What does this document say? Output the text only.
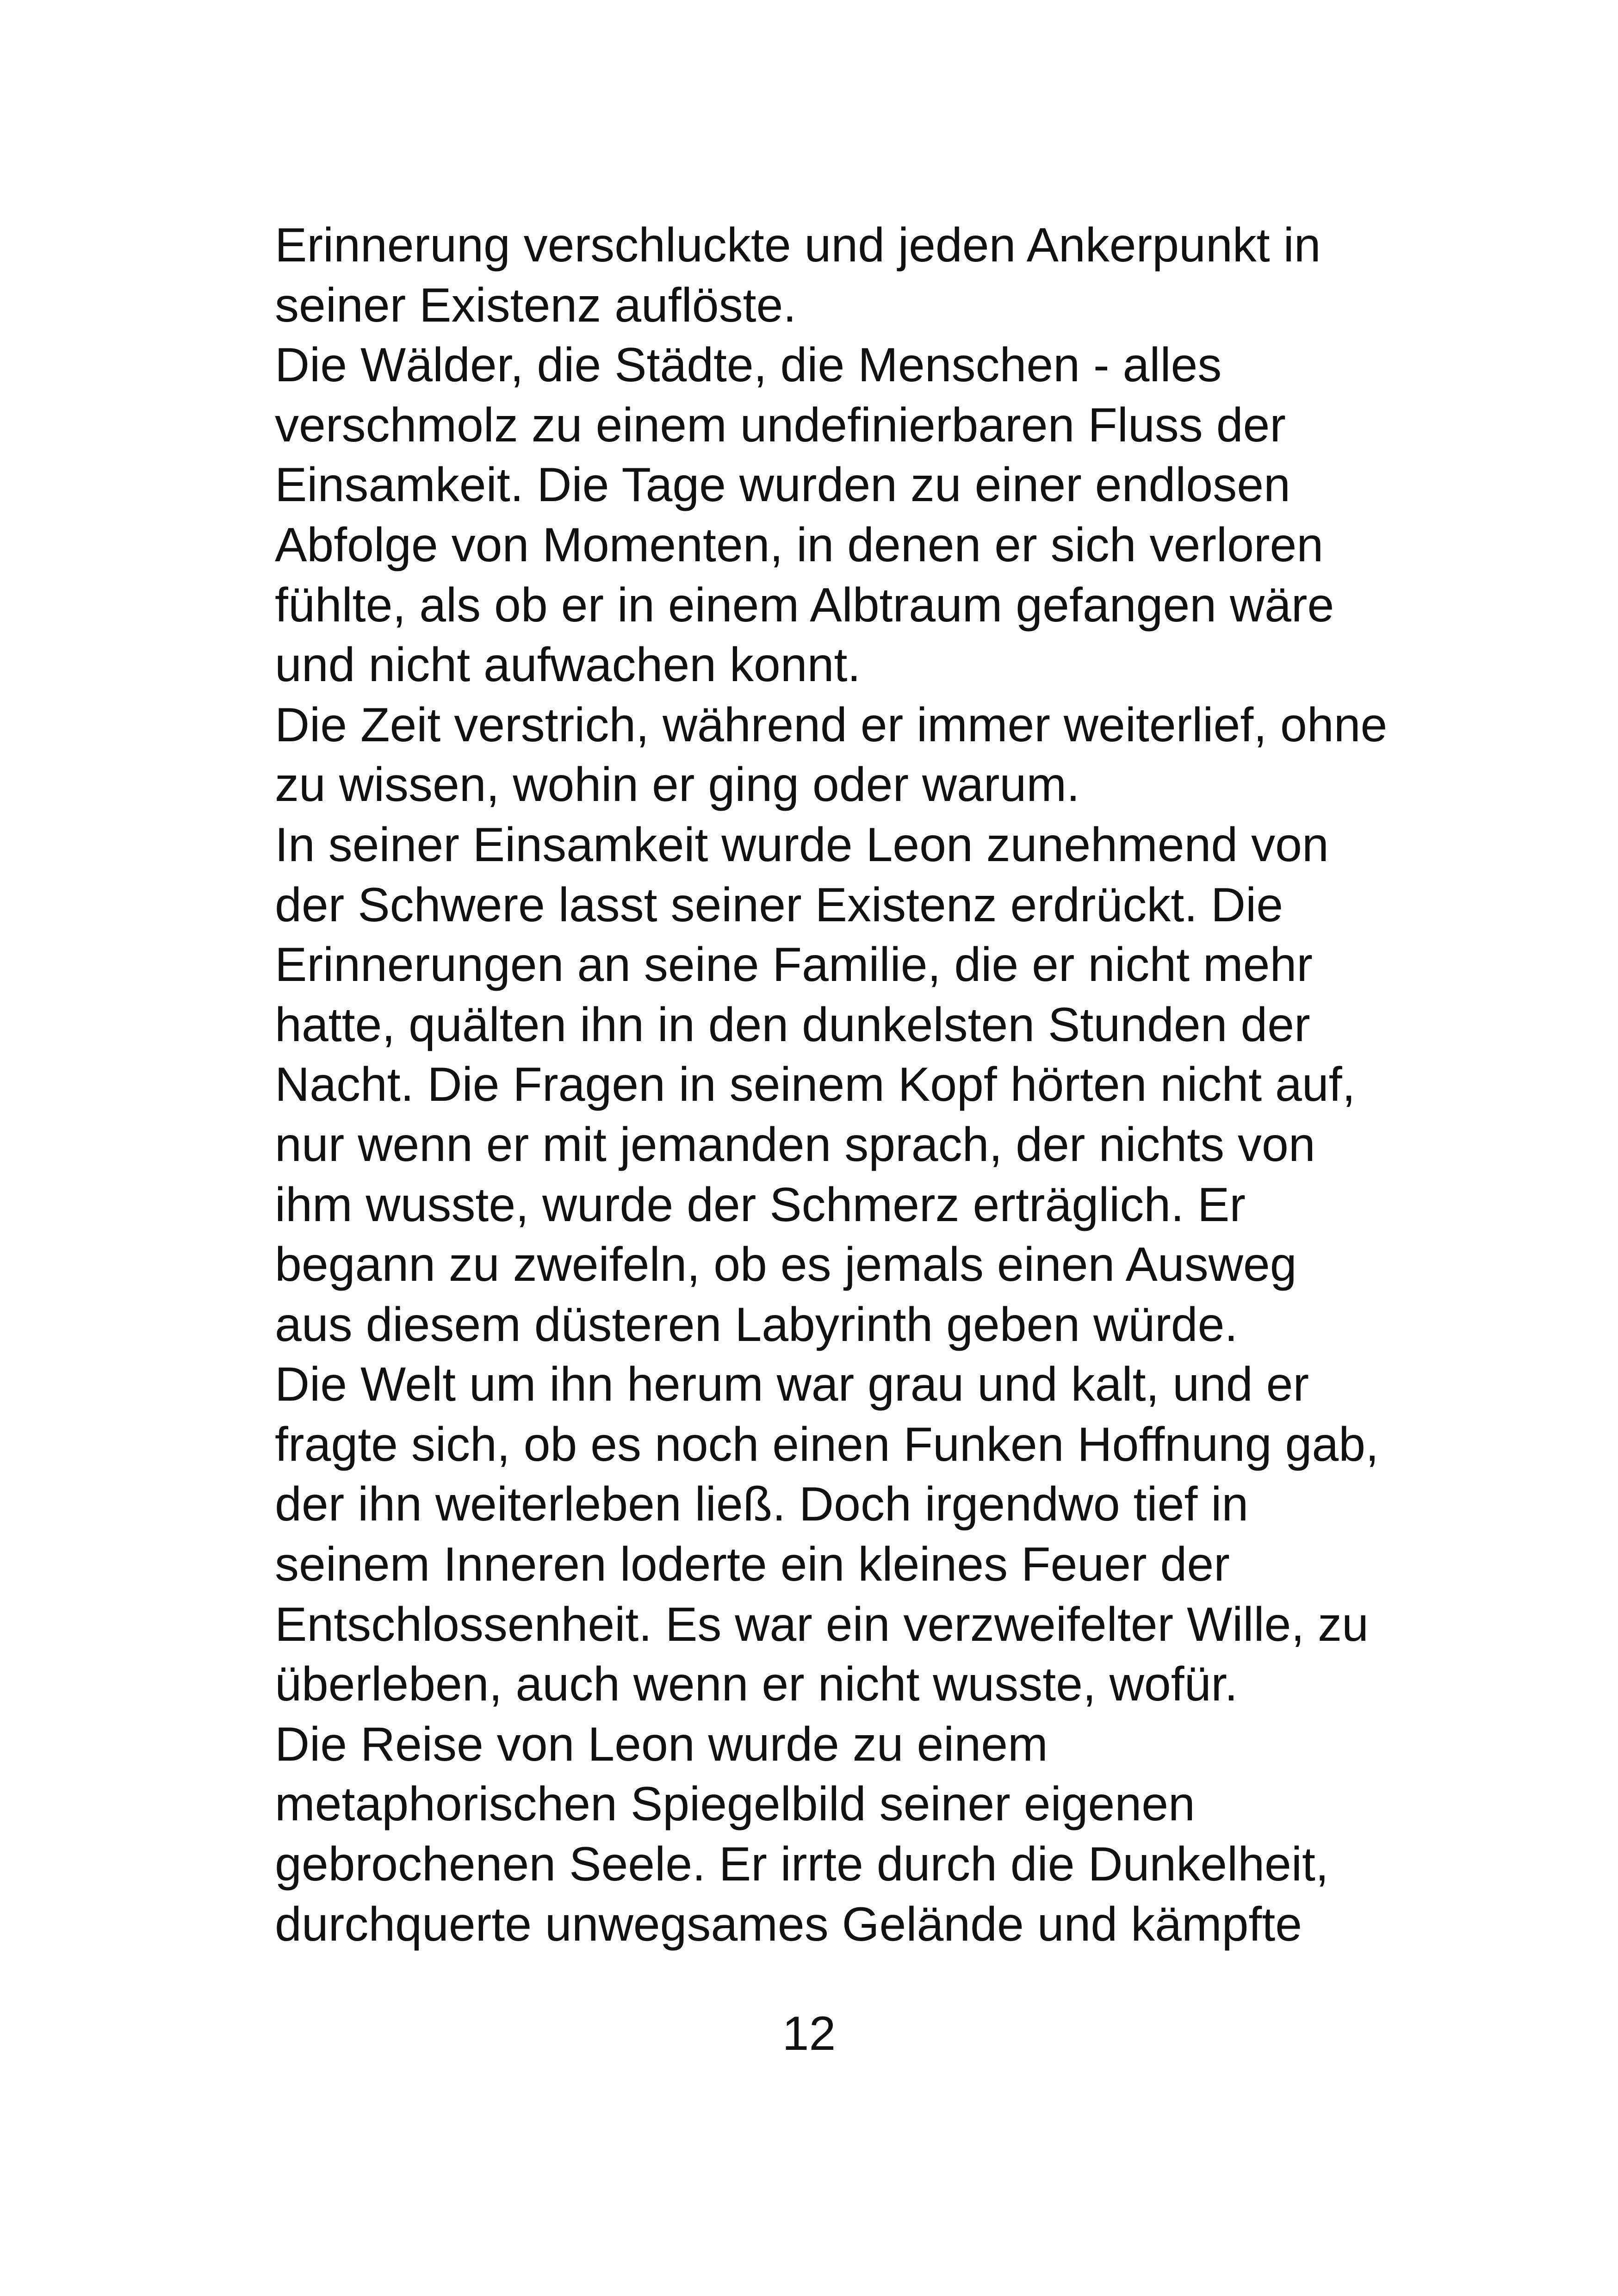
Erinnerung verschluckte und jeden Ankerpunkt in
seiner Existenz auflöste.
Die Wälder, die Städte, die Menschen - alles
verschmolz zu einem undefinierbaren Fluss der
Einsamkeit. Die Tage wurden zu einer endlosen
Abfolge von Momenten, in denen er sich verloren
fühlte, als ob er in einem Albtraum gefangen wäre
und nicht aufwachen konnt.
Die Zeit verstrich, während er immer weiterlief, ohne
zu wissen, wohin er ging oder warum.
In seiner Einsamkeit wurde Leon zunehmend von
der Schwere lasst seiner Existenz erdrückt. Die
Erinnerungen an seine Familie, die er nicht mehr
hatte, quälten ihn in den dunkelsten Stunden der
Nacht. Die Fragen in seinem Kopf hörten nicht auf,
nur wenn er mit jemanden sprach, der nichts von
ihm wusste, wurde der Schmerz erträglich. Er
begann zu zweifeln, ob es jemals einen Ausweg
aus diesem düsteren Labyrinth geben würde.
Die Welt um ihn herum war grau und kalt, und er
fragte sich, ob es noch einen Funken Hoffnung gab,
der ihn weiterleben ließ. Doch irgendwo tief in
seinem Inneren loderte ein kleines Feuer der
Entschlossenheit. Es war ein verzweifelter Wille, zu
überleben, auch wenn er nicht wusste, wofür.
Die Reise von Leon wurde zu einem
metaphorischen Spiegelbild seiner eigenen
gebrochenen Seele. Er irrte durch die Dunkelheit,
durchquerte unwegsames Gelände und kämpfte
12
